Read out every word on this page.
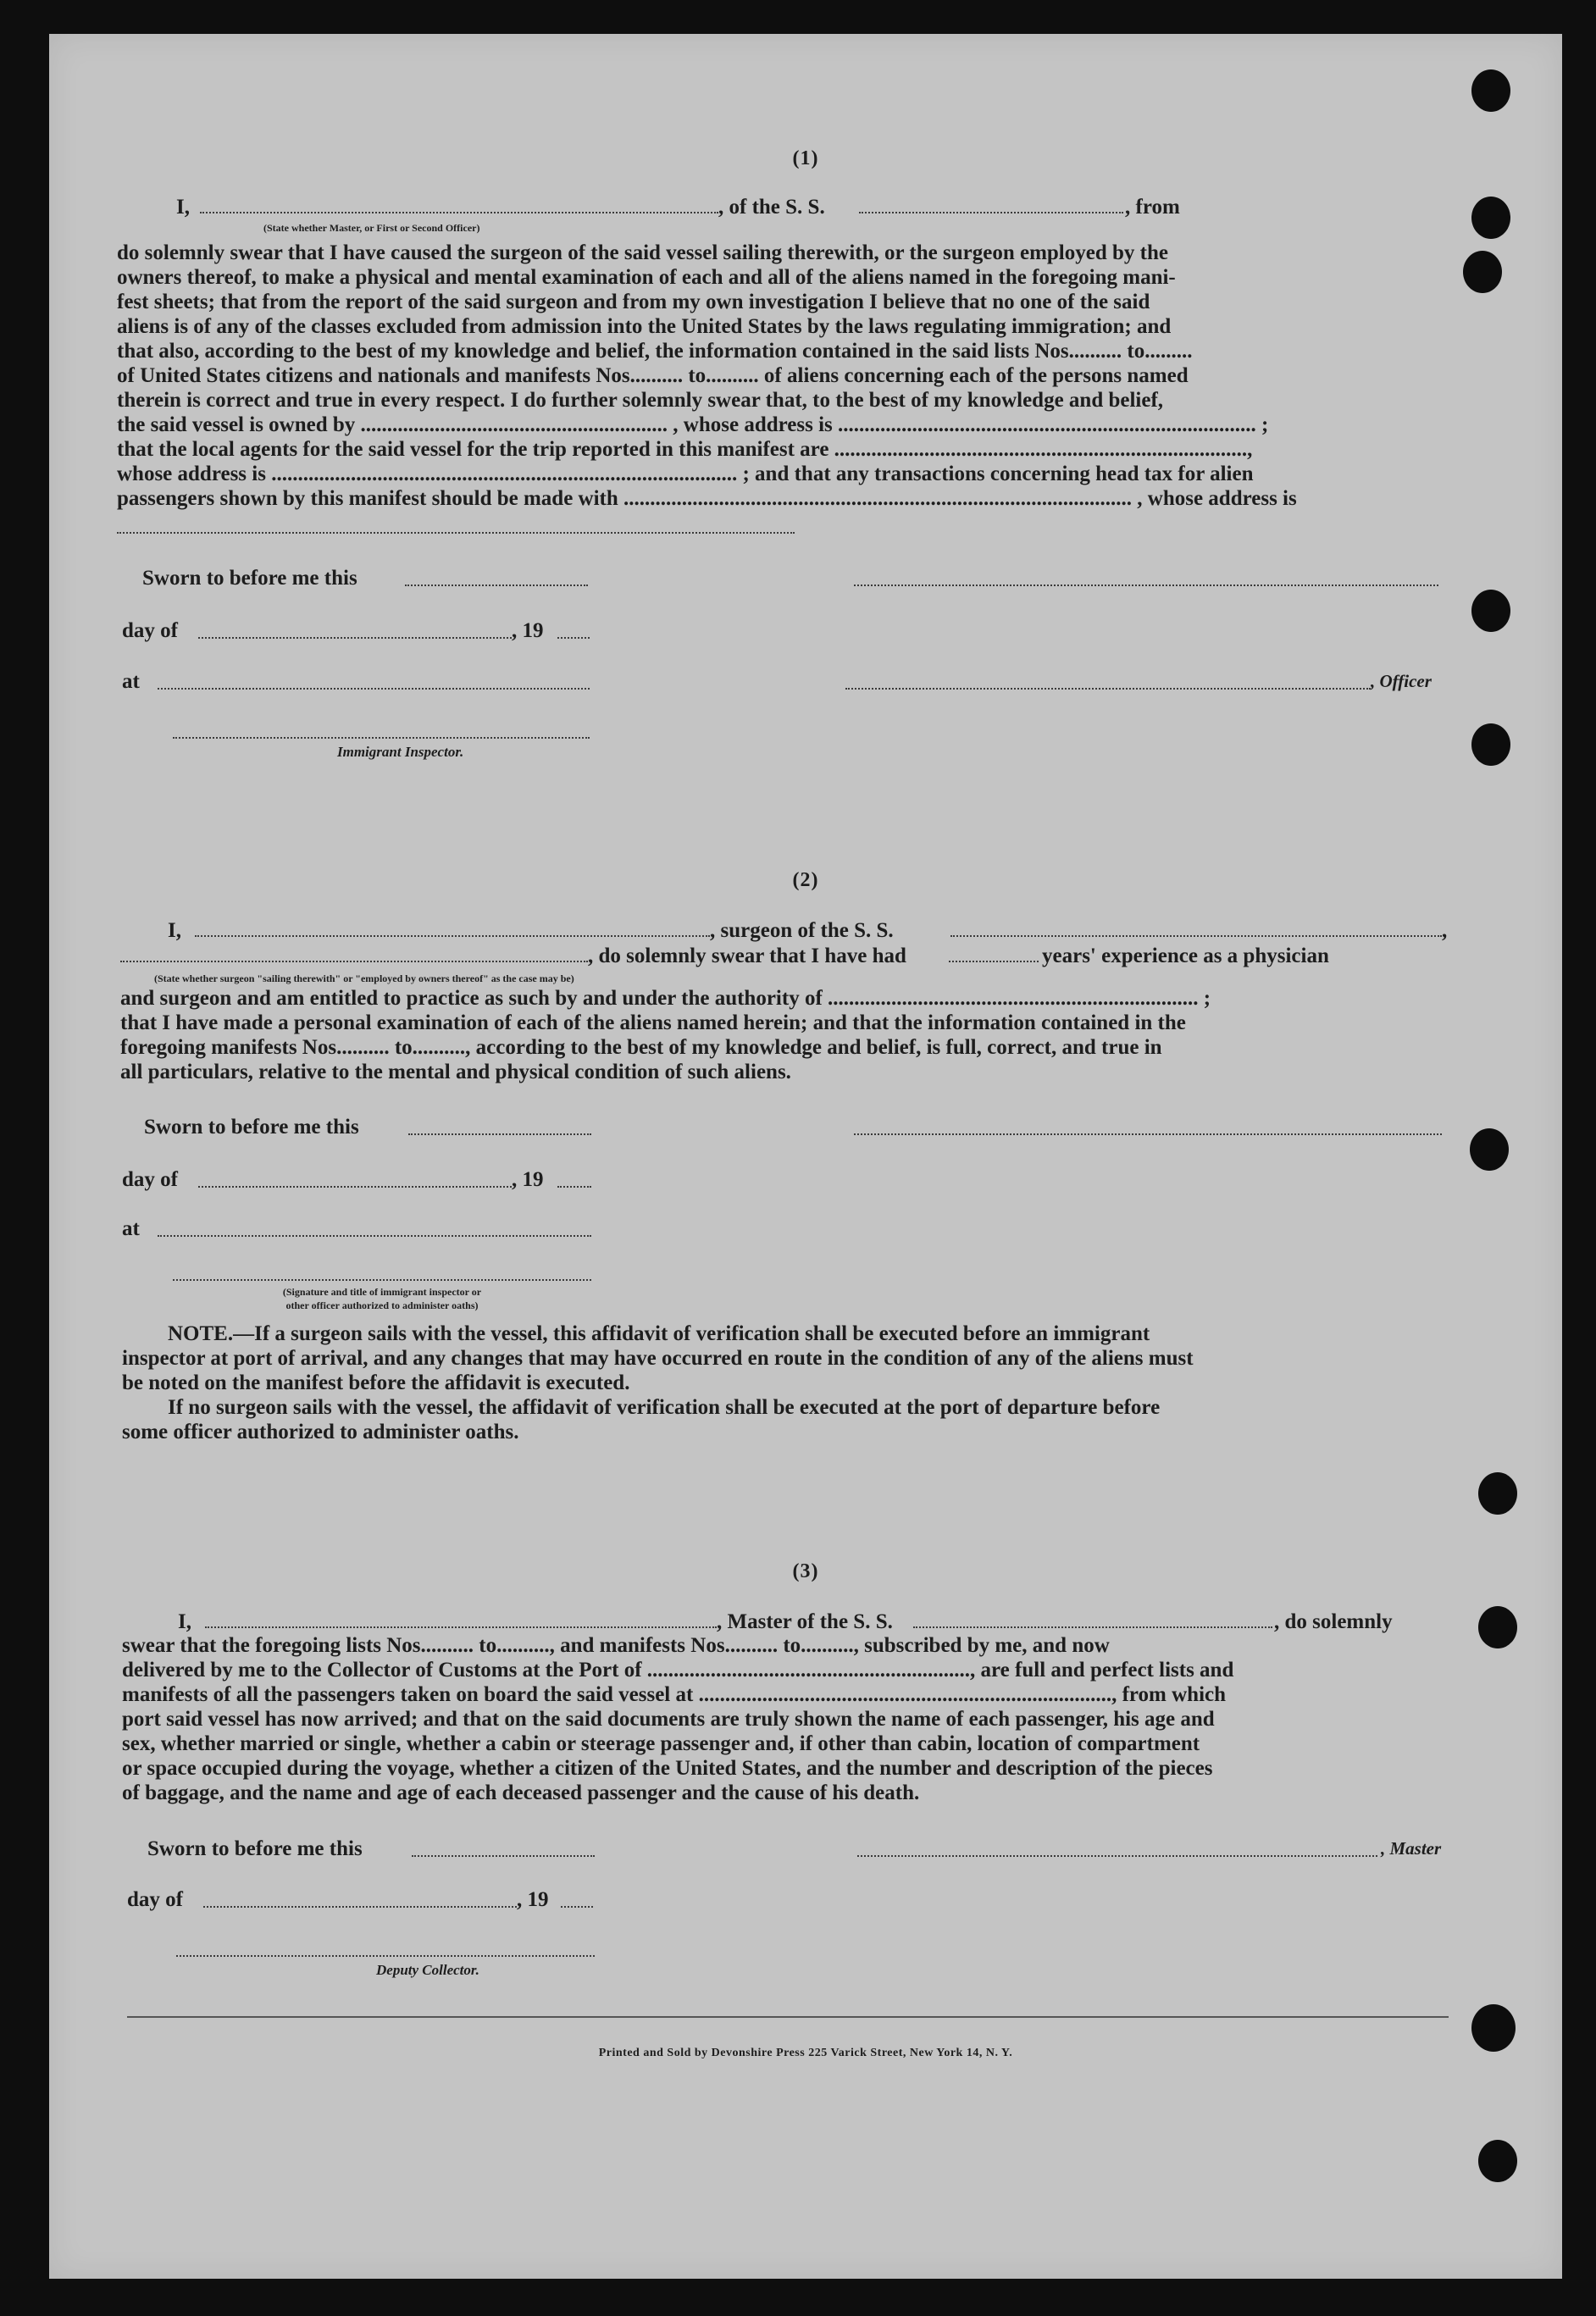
(1)
I,	, of the S. S.	, from
(State whether Master, or First or Second Officer)
do solemnly swear that I have caused the surgeon of the said vessel sailing therewith, or the surgeon employed by the
owners thereof, to make a physical and mental examination of each and all of the aliens named in the foregoing mani-
fest sheets; that from the report of the said surgeon and from my own investigation I believe that no one of the said
aliens is of any of the classes excluded from admission into the United States by the laws regulating immigration; and
that also, according to the best of my knowledge and belief, the information contained in the said lists Nos.......... to.........
of United States citizens and nationals and manifests Nos.......... to.......... of aliens concerning each of the persons named
therein is correct and true in every respect. I do further solemnly swear that, to the best of my knowledge and belief,
the said vessel is owned by .......................................................... , whose address is ............................................................................... ;
that the local agents for the said vessel for the trip reported in this manifest are ..............................................................................,
whose address is ........................................................................................ ; and that any transactions concerning head tax for alien
passengers shown by this manifest should be made with ................................................................................................ , whose address is
Sworn to before me this
day of	, 19
at	, Officer
Immigrant Inspector.
(2)
I,	, surgeon of the S. S.	,
, do solemnly swear that I have had	years' experience as a physician
(State whether surgeon "sailing therewith" or "employed by owners thereof" as the case may be)
and surgeon and am entitled to practice as such by and under the authority of ...................................................................... ;
that I have made a personal examination of each of the aliens named herein; and that the information contained in the
foregoing manifests Nos.......... to.........., according to the best of my knowledge and belief, is full, correct, and true in
all particulars, relative to the mental and physical condition of such aliens.
Sworn to before me this
day of	, 19
at
(Signature and title of immigrant inspector or
other officer authorized to administer oaths)
NOTE.—If a surgeon sails with the vessel, this affidavit of verification shall be executed before an immigrant
inspector at port of arrival, and any changes that may have occurred en route in the condition of any of the aliens must
be noted on the manifest before the affidavit is executed.
If no surgeon sails with the vessel, the affidavit of verification shall be executed at the port of departure before
some officer authorized to administer oaths.
(3)
I,	, Master of the S. S.	, do solemnly
swear that the foregoing lists Nos.......... to.........., and manifests Nos.......... to.........., subscribed by me, and now
delivered by me to the Collector of Customs at the Port of ............................................................., are full and perfect lists and
manifests of all the passengers taken on board the said vessel at .............................................................................., from which
port said vessel has now arrived; and that on the said documents are truly shown the name of each passenger, his age and
sex, whether married or single, whether a cabin or steerage passenger and, if other than cabin, location of compartment
or space occupied during the voyage, whether a citizen of the United States, and the number and description of the pieces
of baggage, and the name and age of each deceased passenger and the cause of his death.
Sworn to before me this	, Master
day of	, 19
Deputy Collector.
Printed and Sold by Devonshire Press 225 Varick Street, New York 14, N. Y.
